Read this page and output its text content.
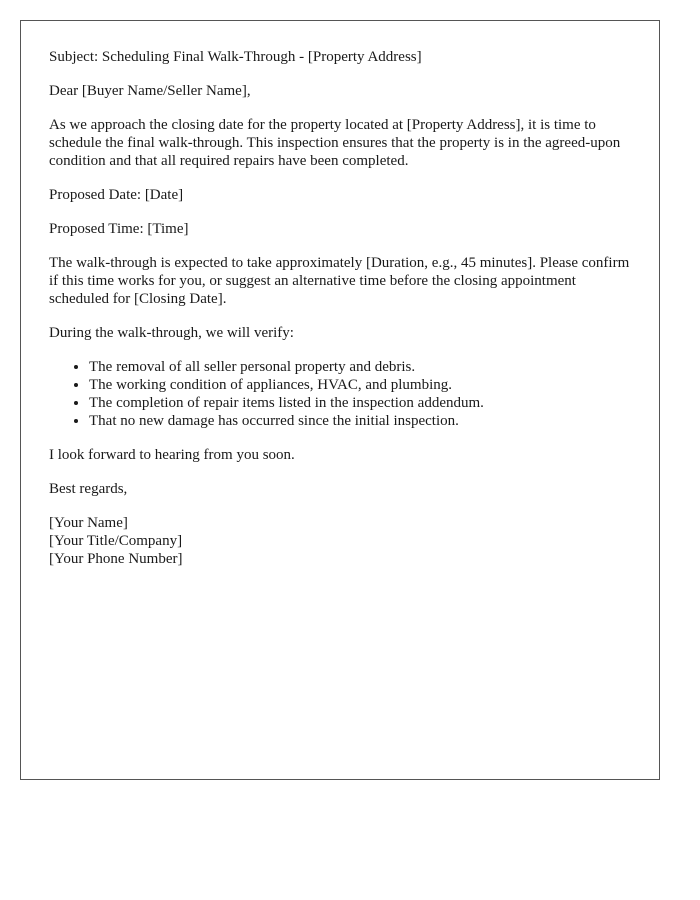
Subject: Scheduling Final Walk-Through - [Property Address]

Dear [Buyer Name/Seller Name],

As we approach the closing date for the property located at [Property Address], it is time to schedule the final walk-through. This inspection ensures that the property is in the agreed-upon condition and that all required repairs have been completed.

Proposed Date: [Date]

Proposed Time: [Time]

The walk-through is expected to take approximately [Duration, e.g., 45 minutes]. Please confirm if this time works for you, or suggest an alternative time before the closing appointment scheduled for [Closing Date].

During the walk-through, we will verify:

• The removal of all seller personal property and debris.
• The working condition of appliances, HVAC, and plumbing.
• The completion of repair items listed in the inspection addendum.
• That no new damage has occurred since the initial inspection.

I look forward to hearing from you soon.

Best regards,

[Your Name]
[Your Title/Company]
[Your Phone Number]
